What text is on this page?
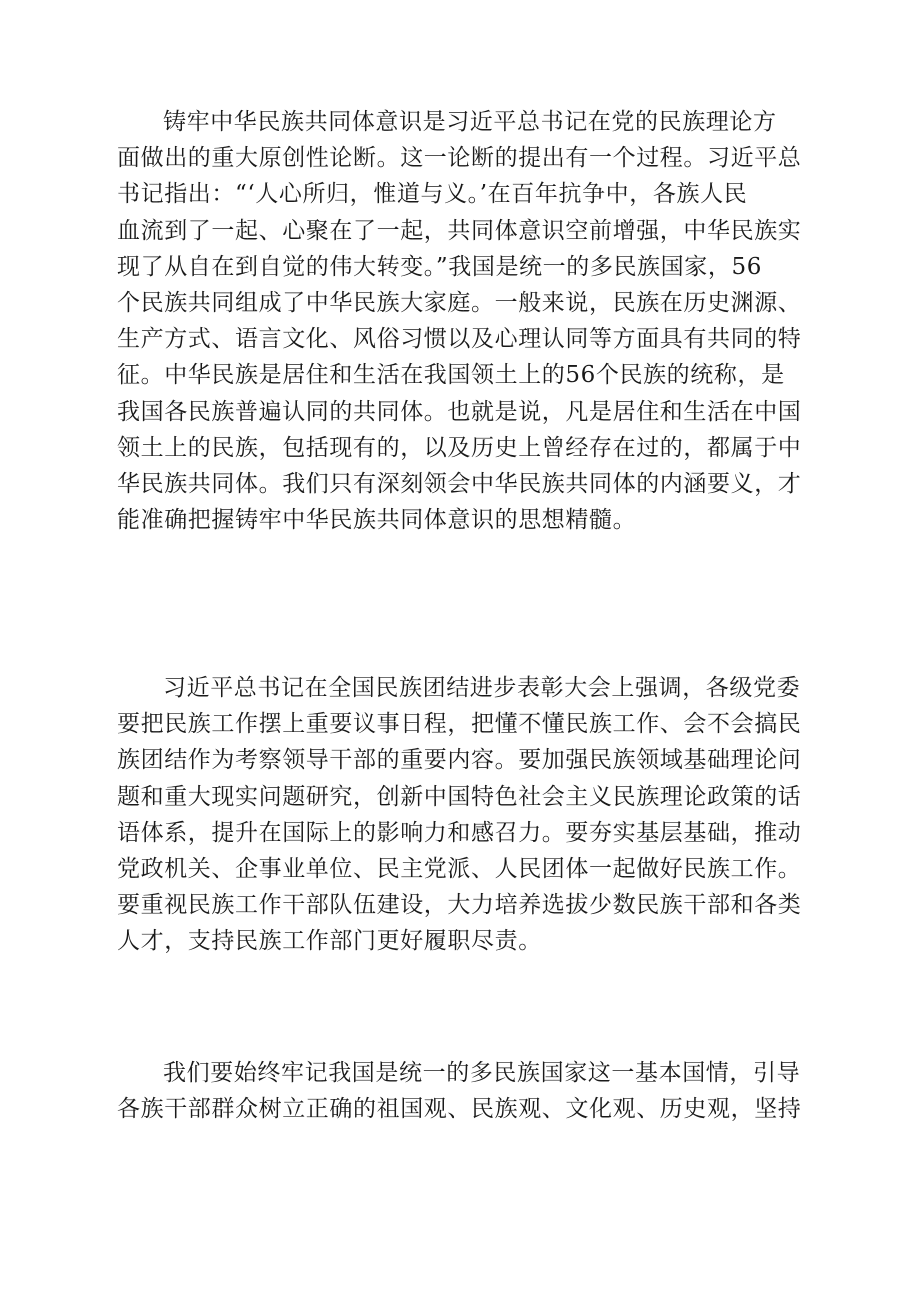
铸牢中华民族共同体意识是习近平总书记在党的民族理论方
面做出的重大原创性论断。这一论断的提出有一个过程。习近平总
书记指出：“‘人心所归，惟道与义。’在百年抗争中，各族人民
血流到了一起、心聚在了一起，共同体意识空前增强，中华民族实
现了从自在到自觉的伟大转变。”我国是统一的多民族国家，56
个民族共同组成了中华民族大家庭。一般来说，民族在历史渊源、
生产方式、语言文化、风俗习惯以及心理认同等方面具有共同的特
征。中华民族是居住和生活在我国领土上的56个民族的统称，是
我国各民族普遍认同的共同体。也就是说，凡是居住和生活在中国
领土上的民族，包括现有的，以及历史上曾经存在过的，都属于中
华民族共同体。我们只有深刻领会中华民族共同体的内涵要义，才
能准确把握铸牢中华民族共同体意识的思想精髓。
习近平总书记在全国民族团结进步表彰大会上强调，各级党委
要把民族工作摆上重要议事日程，把懂不懂民族工作、会不会搞民
族团结作为考察领导干部的重要内容。要加强民族领域基础理论问
题和重大现实问题研究，创新中国特色社会主义民族理论政策的话
语体系，提升在国际上的影响力和感召力。要夯实基层基础，推动
党政机关、企事业单位、民主党派、人民团体一起做好民族工作。
要重视民族工作干部队伍建设，大力培养选拔少数民族干部和各类
人才，支持民族工作部门更好履职尽责。
我们要始终牢记我国是统一的多民族国家这一基本国情，引导
各族干部群众树立正确的祖国观、民族观、文化观、历史观，坚持
